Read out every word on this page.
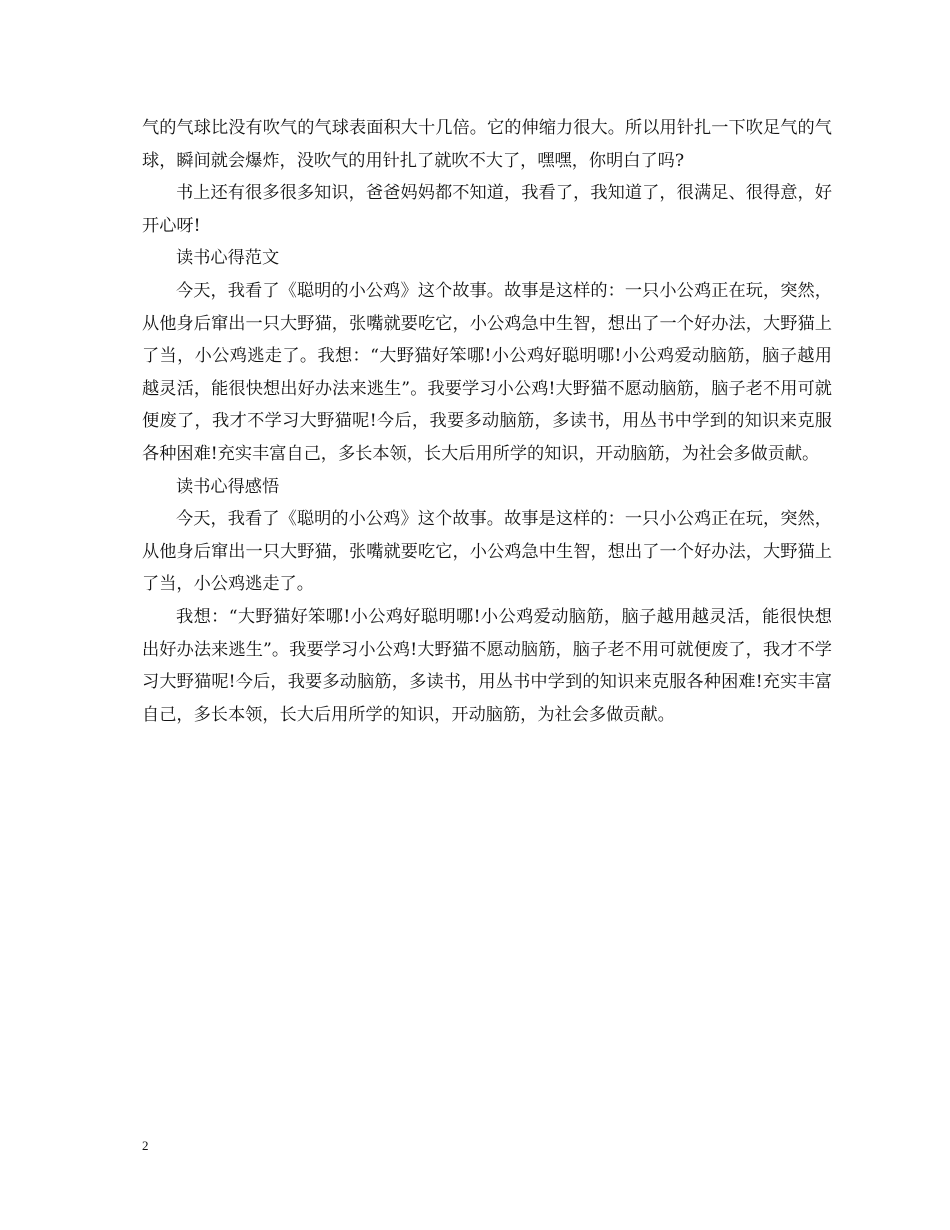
气的气球比没有吹气的气球表面积大十几倍。它的伸缩力很大。所以用针扎一下吹足气的气球，瞬间就会爆炸，没吹气的用针扎了就吹不大了，嘿嘿，你明白了吗?

书上还有很多很多知识，爸爸妈妈都不知道，我看了，我知道了，很满足、很得意，好开心呀!

读书心得范文

今天，我看了《聪明的小公鸡》这个故事。故事是这样的：一只小公鸡正在玩，突然，从他身后窜出一只大野猫，张嘴就要吃它，小公鸡急中生智，想出了一个好办法，大野猫上了当，小公鸡逃走了。我想：“大野猫好笨哪!小公鸡好聪明哪!小公鸡爱动脑筋，脑子越用越灵活，能很快想出好办法来逃生”。我要学习小公鸡!大野猫不愿动脑筋，脑子老不用可就便废了，我才不学习大野猫呢!今后，我要多动脑筋，多读书，用丛书中学到的知识来克服各种困难!充实丰富自己，多长本领，长大后用所学的知识，开动脑筋，为社会多做贡献。

读书心得感悟

今天，我看了《聪明的小公鸡》这个故事。故事是这样的：一只小公鸡正在玩，突然，从他身后窜出一只大野猫，张嘴就要吃它，小公鸡急中生智，想出了一个好办法，大野猫上了当，小公鸡逃走了。

我想：“大野猫好笨哪!小公鸡好聪明哪!小公鸡爱动脑筋，脑子越用越灵活，能很快想出好办法来逃生”。我要学习小公鸡!大野猫不愿动脑筋，脑子老不用可就便废了，我才不学习大野猫呢!今后，我要多动脑筋，多读书，用丛书中学到的知识来克服各种困难!充实丰富自己，多长本领，长大后用所学的知识，开动脑筋，为社会多做贡献。

2
